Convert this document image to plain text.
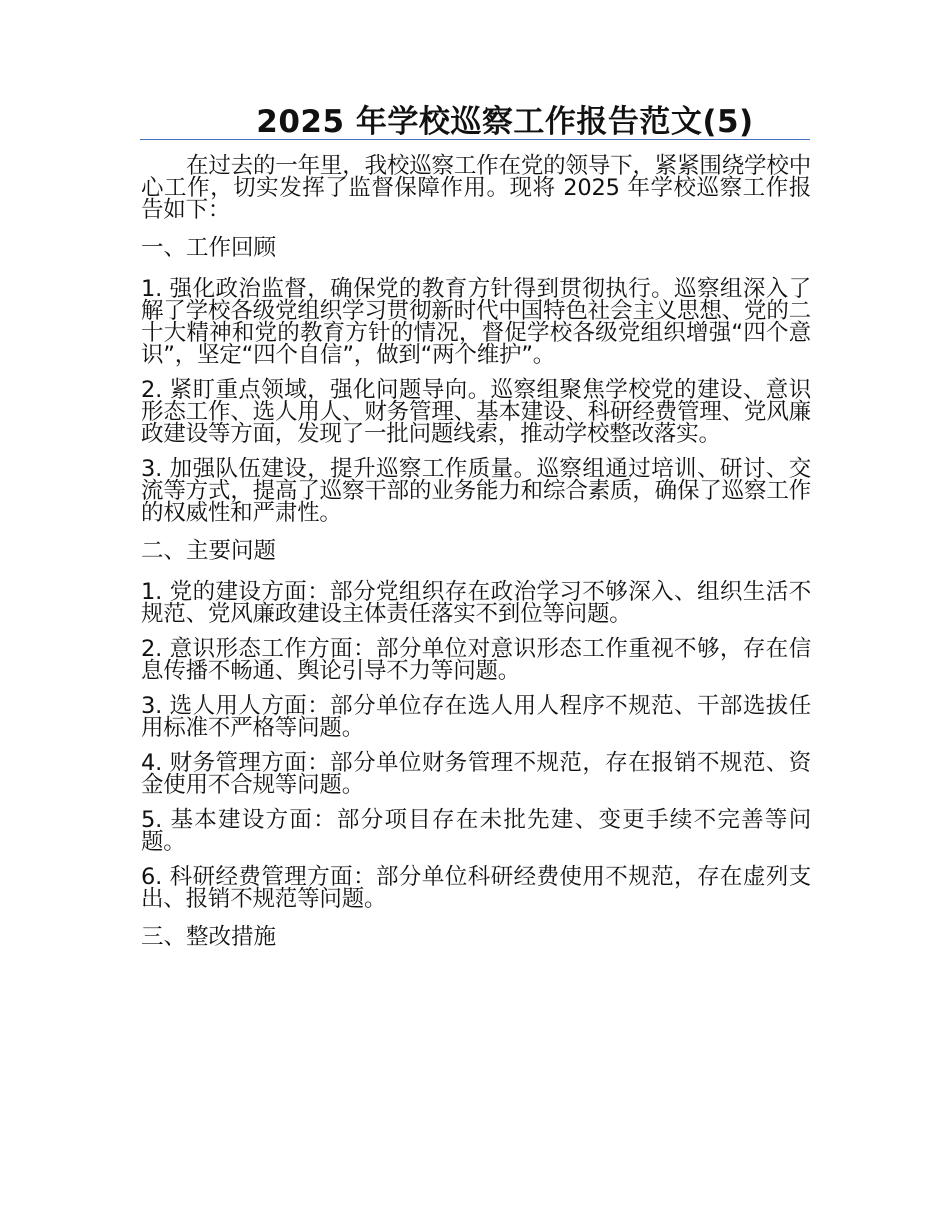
2025 年学校巡察工作报告范文(5)

在过去的一年里，我校巡察工作在党的领导下，紧紧围绕学校中心工作，切实发挥了监督保障作用。现将 2025 年学校巡察工作报告如下：

一、工作回顾

1. 强化政治监督，确保党的教育方针得到贯彻执行。巡察组深入了解了学校各级党组织学习贯彻新时代中国特色社会主义思想、党的二十大精神和党的教育方针的情况，督促学校各级党组织增强“四个意识”，坚定“四个自信”，做到“两个维护”。

2. 紧盯重点领域，强化问题导向。巡察组聚焦学校党的建设、意识形态工作、选人用人、财务管理、基本建设、科研经费管理、党风廉政建设等方面，发现了一批问题线索，推动学校整改落实。

3. 加强队伍建设，提升巡察工作质量。巡察组通过培训、研讨、交流等方式，提高了巡察干部的业务能力和综合素质，确保了巡察工作的权威性和严肃性。

二、主要问题

1. 党的建设方面：部分党组织存在政治学习不够深入、组织生活不规范、党风廉政建设主体责任落实不到位等问题。

2. 意识形态工作方面：部分单位对意识形态工作重视不够，存在信息传播不畅通、舆论引导不力等问题。

3. 选人用人方面：部分单位存在选人用人程序不规范、干部选拔任用标准不严格等问题。

4. 财务管理方面：部分单位财务管理不规范，存在报销不规范、资金使用不合规等问题。

5. 基本建设方面：部分项目存在未批先建、变更手续不完善等问题。

6. 科研经费管理方面：部分单位科研经费使用不规范，存在虚列支出、报销不规范等问题。

三、整改措施
